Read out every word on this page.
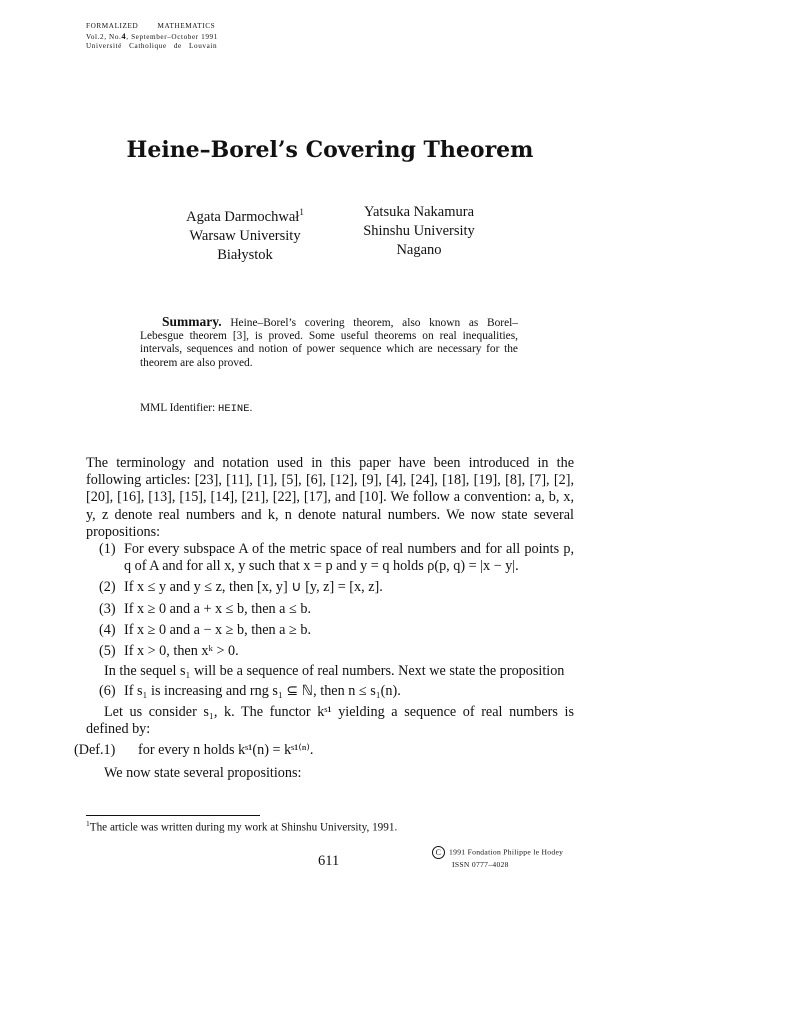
FORMALIZED        MATHEMATICS
Vol.2, No.4, September–October 1991
Université   Catholique   de   Louvain
Heine–Borel’s Covering Theorem
Agata Darmochwał$^1$
Warsaw University
Białystok
Yatsuka Nakamura
Shinshu University
Nagano
Summary. Heine–Borel’s covering theorem, also known as Borel–Lebesgue theorem [3], is proved. Some useful theorems on real inequalities, intervals, sequences and notion of power sequence which are necessary for the theorem are also proved.
MML Identifier: HEINE.
The terminology and notation used in this paper have been introduced in the following articles: [23], [11], [1], [5], [6], [12], [9], [4], [24], [18], [19], [8], [7], [2], [20], [16], [13], [15], [14], [21], [22], [17], and [10]. We follow a convention: a, b, x, y, z denote real numbers and k, n denote natural numbers. We now state several propositions:
(1) For every subspace A of the metric space of real numbers and for all points p, q of A and for all x, y such that x = p and y = q holds ρ(p, q) = |x − y|.
(2) If x ≤ y and y ≤ z, then [x, y] ∪ [y, z] = [x, z].
(3) If x ≥ 0 and a + x ≤ b, then a ≤ b.
(4) If x ≥ 0 and a − x ≥ b, then a ≥ b.
(5) If x > 0, then xᵏ > 0.
In the sequel s₁ will be a sequence of real numbers. Next we state the proposition
(6) If s₁ is increasing and rng s₁ ⊆ ℕ, then n ≤ s₁(n).
Let us consider s₁, k. The functor kˢ¹ yielding a sequence of real numbers is defined by:
(Def.1) for every n holds kˢ¹(n) = kˢ¹⁽ⁿ⁾.
We now state several propositions:
$^1$The article was written during my work at Shinshu University, 1991.
611
C 1991 Fondation Philippe le Hodey
ISSN 0777–4028
